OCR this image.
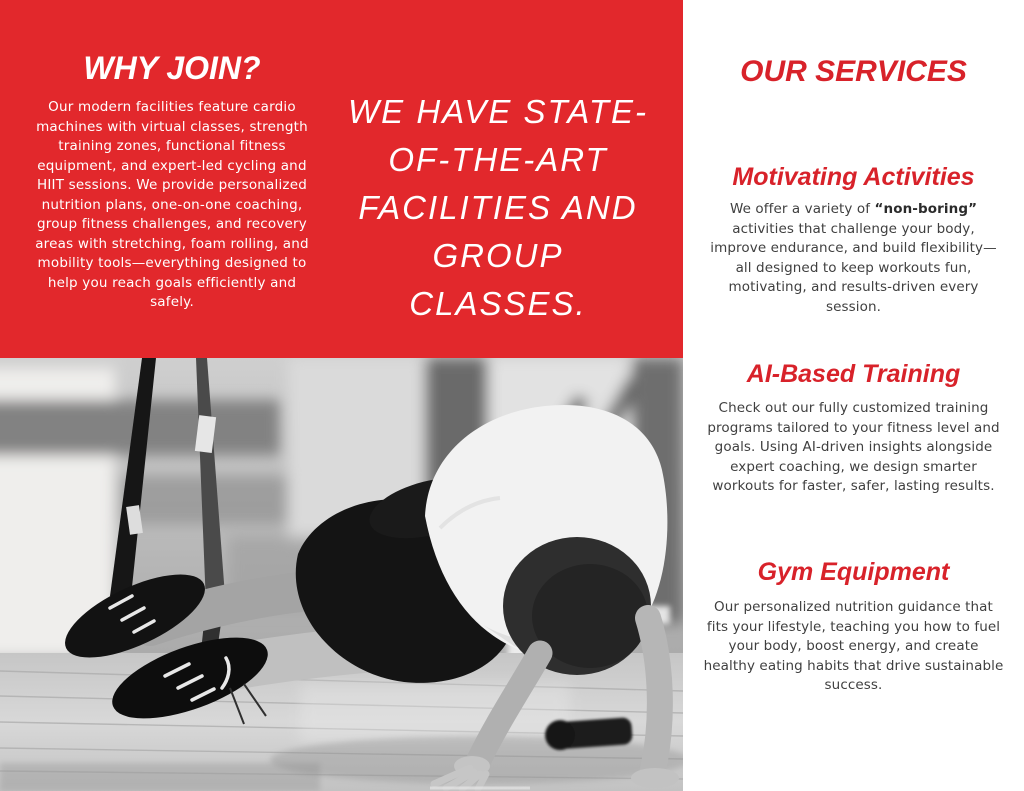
WHY JOIN?
Our modern facilities feature cardio machines with virtual classes, strength training zones, functional fitness equipment, and expert-led cycling and HIIT sessions. We provide personalized nutrition plans, one-on-one coaching, group fitness challenges, and recovery areas with stretching, foam rolling, and mobility tools—everything designed to help you reach goals efficiently and safely.
WE HAVE STATE-
OF-THE-ART
FACILITIES AND
GROUP CLASSES.
OUR SERVICES
Motivating Activities
We offer a variety of “non-boring” activities that challenge your body, improve endurance, and build flexibility—all designed to keep workouts fun, motivating, and results-driven every session.
AI-Based Training
Check out our fully customized training programs tailored to your fitness level and goals. Using AI-driven insights alongside expert coaching, we design smarter workouts for faster, safer, lasting results.
Gym Equipment
Our personalized nutrition guidance that fits your lifestyle, teaching you how to fuel your body, boost energy, and create healthy eating habits that drive sustainable success.
